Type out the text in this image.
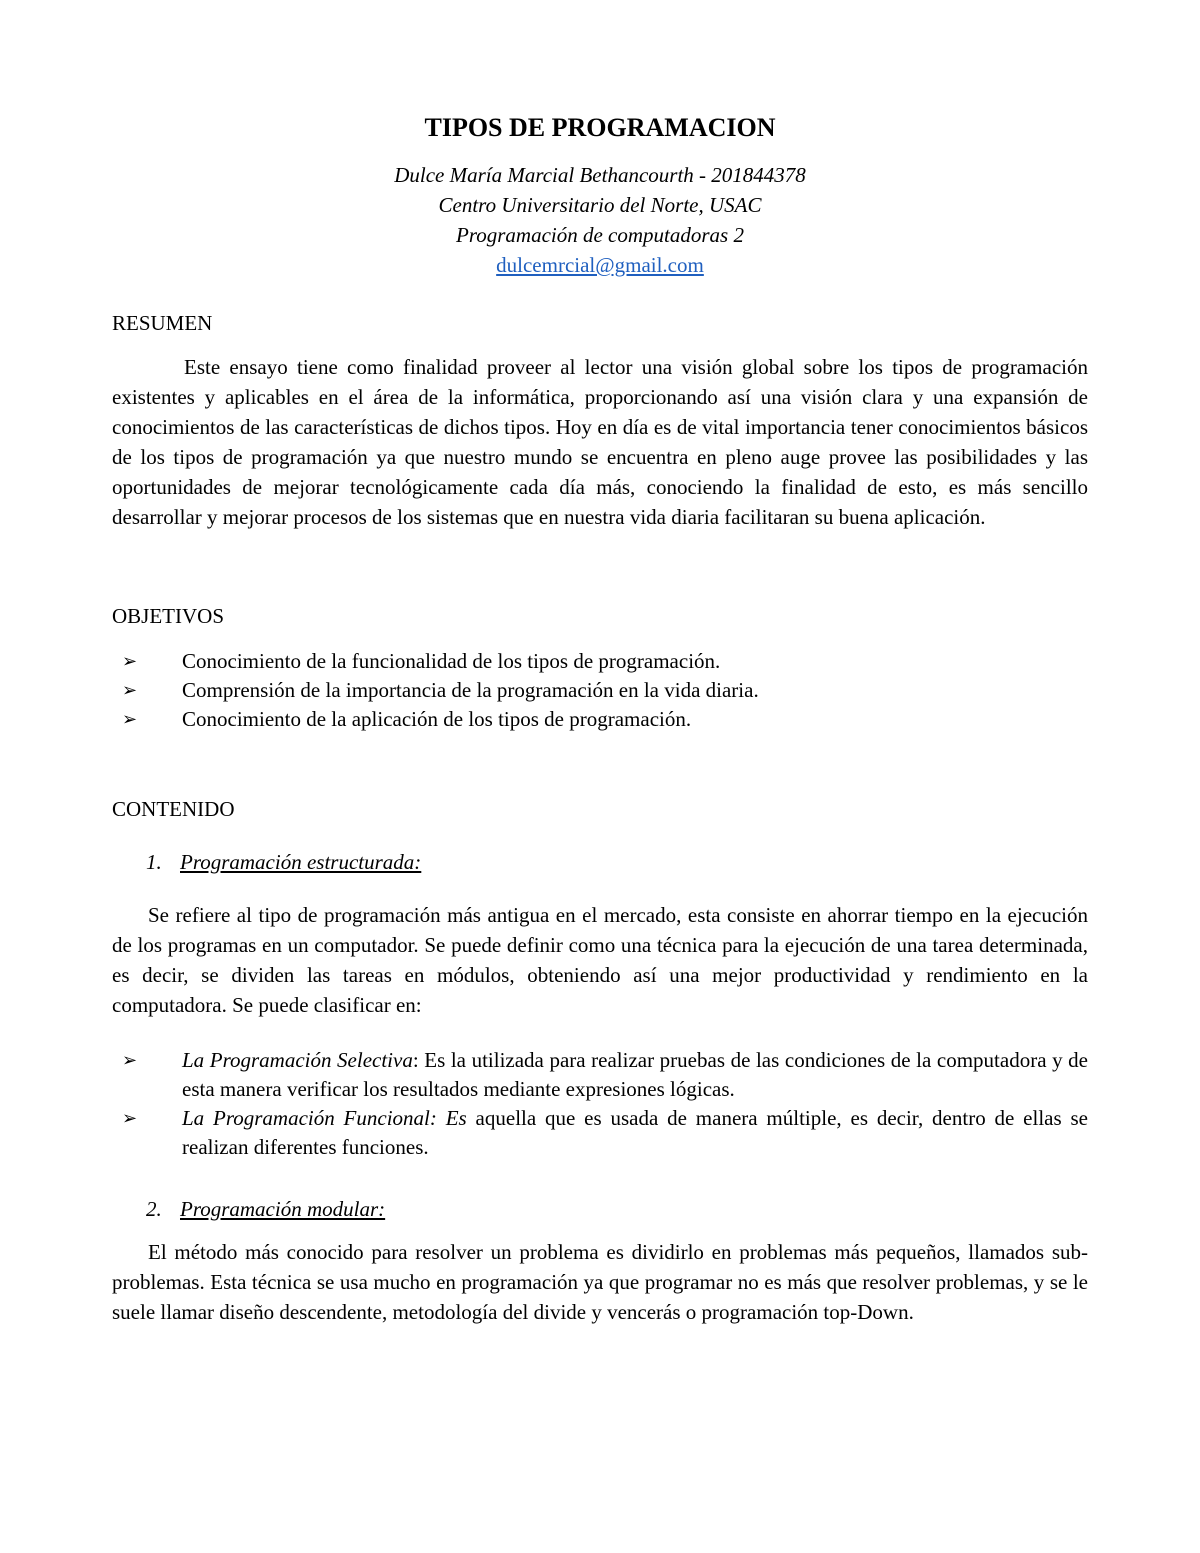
TIPOS DE PROGRAMACION
Dulce María Marcial Bethancourth - 201844378
Centro Universitario del Norte, USAC
Programación de computadoras 2
dulcemrcial@gmail.com
RESUMEN
Este ensayo tiene como finalidad proveer al lector una visión global sobre los tipos de programación existentes y aplicables en el área de la informática, proporcionando así una visión clara y una expansión de conocimientos de las características de dichos tipos. Hoy en día es de vital importancia tener conocimientos básicos de los tipos de programación ya que nuestro mundo se encuentra en pleno auge provee las posibilidades y las oportunidades de mejorar tecnológicamente cada día más, conociendo la finalidad de esto, es más sencillo desarrollar y mejorar procesos de los sistemas que en nuestra vida diaria facilitaran su buena aplicación.
OBJETIVOS
➢	Conocimiento de la funcionalidad de los tipos de programación.
➢	Comprensión de la importancia de la programación en la vida diaria.
➢	Conocimiento de la aplicación de los tipos de programación.
CONTENIDO
1. Programación estructurada:
Se refiere al tipo de programación más antigua en el mercado, esta consiste en ahorrar tiempo en la ejecución de los programas en un computador. Se puede definir como una técnica para la ejecución de una tarea determinada, es decir, se dividen las tareas en módulos, obteniendo así una mejor productividad y rendimiento en la computadora. Se puede clasificar en:
➢	La Programación Selectiva: Es la utilizada para realizar pruebas de las condiciones de la computadora y de esta manera verificar los resultados mediante expresiones lógicas.
➢	La Programación Funcional: Es aquella que es usada de manera múltiple, es decir, dentro de ellas se realizan diferentes funciones.
2. Programación modular:
El método más conocido para resolver un problema es dividirlo en problemas más pequeños, llamados sub-problemas. Esta técnica se usa mucho en programación ya que programar no es más que resolver problemas, y se le suele llamar diseño descendente, metodología del divide y vencerás o programación top-Down.
